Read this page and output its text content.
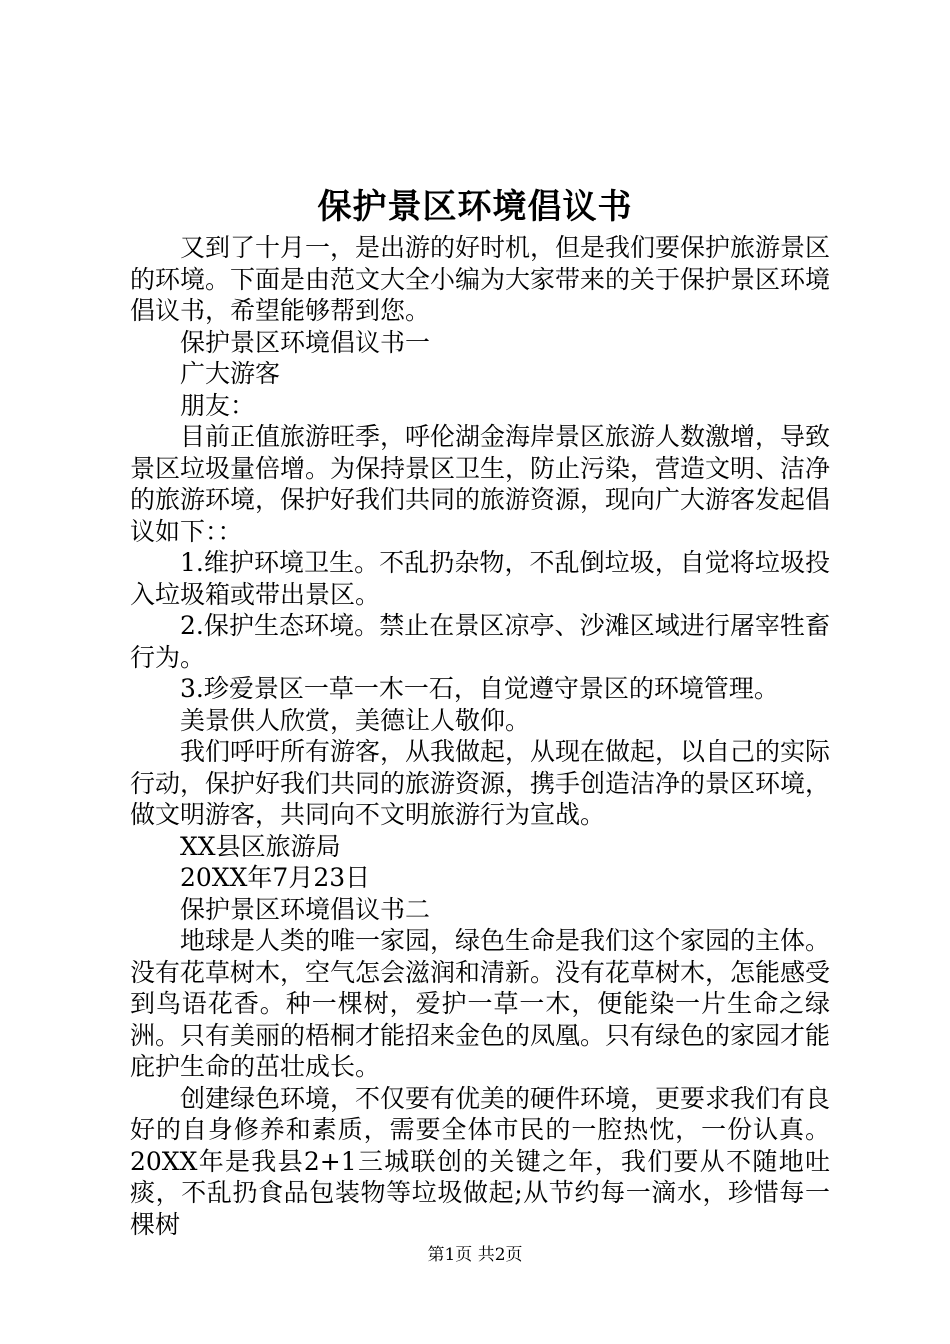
保护景区环境倡议书

又到了十月一，是出游的好时机，但是我们要保护旅游景区的环境。下面是由范文大全小编为大家带来的关于保护景区环境倡议书，希望能够帮到您。

保护景区环境倡议书一

广大游客

朋友：

目前正值旅游旺季，呼伦湖金海岸景区旅游人数激增，导致景区垃圾量倍增。为保持景区卫生，防止污染，营造文明、洁净的旅游环境，保护好我们共同的旅游资源，现向广大游客发起倡议如下：：

1.维护环境卫生。不乱扔杂物，不乱倒垃圾，自觉将垃圾投入垃圾箱或带出景区。

2.保护生态环境。禁止在景区凉亭、沙滩区域进行屠宰牲畜行为。

3.珍爱景区一草一木一石，自觉遵守景区的环境管理。

美景供人欣赏，美德让人敬仰。

我们呼吁所有游客，从我做起，从现在做起，以自己的实际行动，保护好我们共同的旅游资源，携手创造洁净的景区环境，做文明游客，共同向不文明旅游行为宣战。

XX县区旅游局

20XX年7月23日

保护景区环境倡议书二

地球是人类的唯一家园，绿色生命是我们这个家园的主体。没有花草树木，空气怎会滋润和清新。没有花草树木，怎能感受到鸟语花香。种一棵树，爱护一草一木，便能染一片生命之绿洲。只有美丽的梧桐才能招来金色的凤凰。只有绿色的家园才能庇护生命的茁壮成长。

创建绿色环境，不仅要有优美的硬件环境，更要求我们有良好的自身修养和素质，需要全体市民的一腔热忱，一份认真。20XX年是我县2+1三城联创的关键之年，我们要从不随地吐痰，不乱扔食品包装物等垃圾做起;从节约每一滴水，珍惜每一棵树

第1页 共2页
